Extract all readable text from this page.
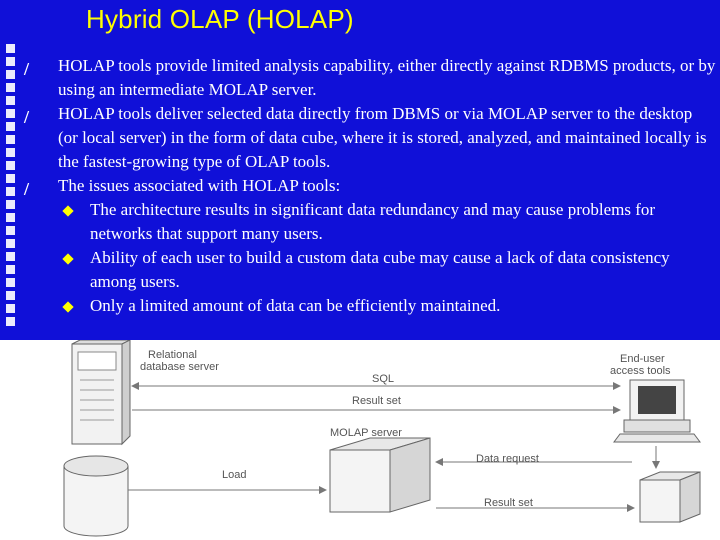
Hybrid OLAP (HOLAP)
/ HOLAP tools provide limited analysis capability, either directly against RDBMS products, or by using an intermediate MOLAP server.
/ HOLAP tools deliver selected data directly from DBMS or via MOLAP server to the desktop (or local server) in the form of data cube, where it is stored, analyzed, and maintained locally is the fastest-growing type of OLAP tools.
/ The issues associated with HOLAP tools:
The architecture results in significant data redundancy and may cause problems for networks that support many users.
Ability of each user to build a custom data cube may cause a lack of data consistency among users.
Only a limited amount of data can be efficiently maintained.
Relational
database server
MOLAP server
End-user
access tools
SQL
Result set
Load
Data request
Result set
